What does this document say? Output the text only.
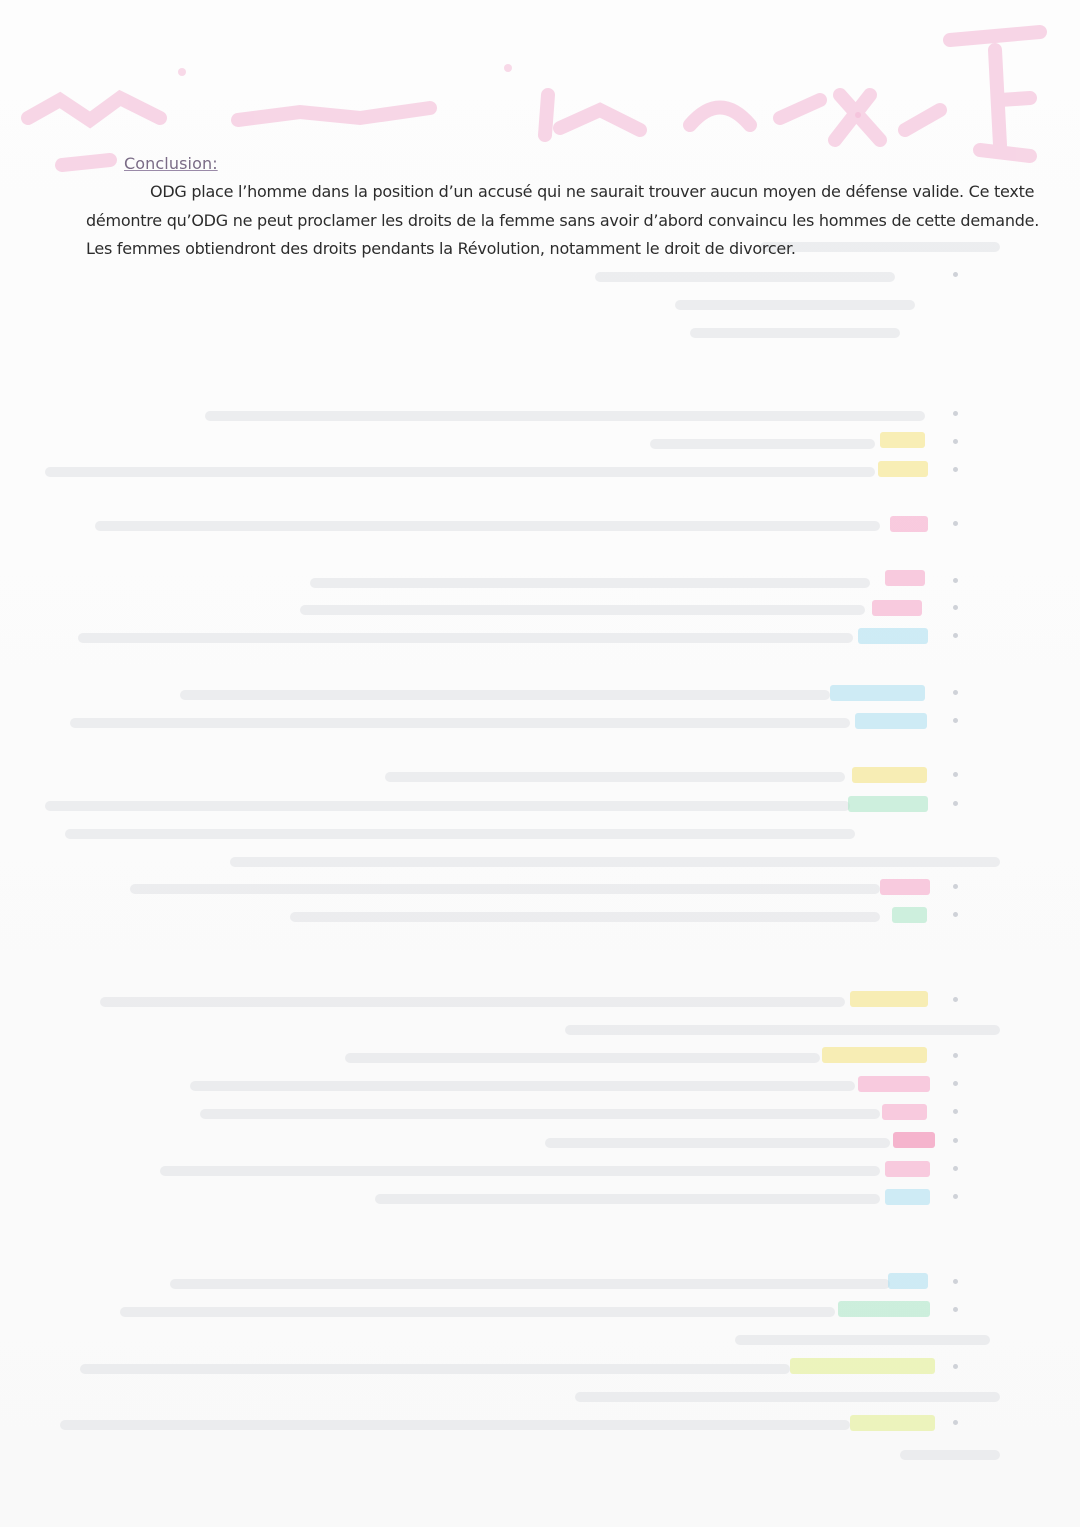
Conclusion:
ODG place l’homme dans la position d’un accusé qui ne saurait trouver aucun moyen de défense valide. Ce texte démontre qu’ODG ne peut proclamer les droits de la femme sans avoir d’abord convaincu les hommes de cette demande. Les femmes obtiendront des droits pendants la Révolution, notamment le droit de divorcer.
